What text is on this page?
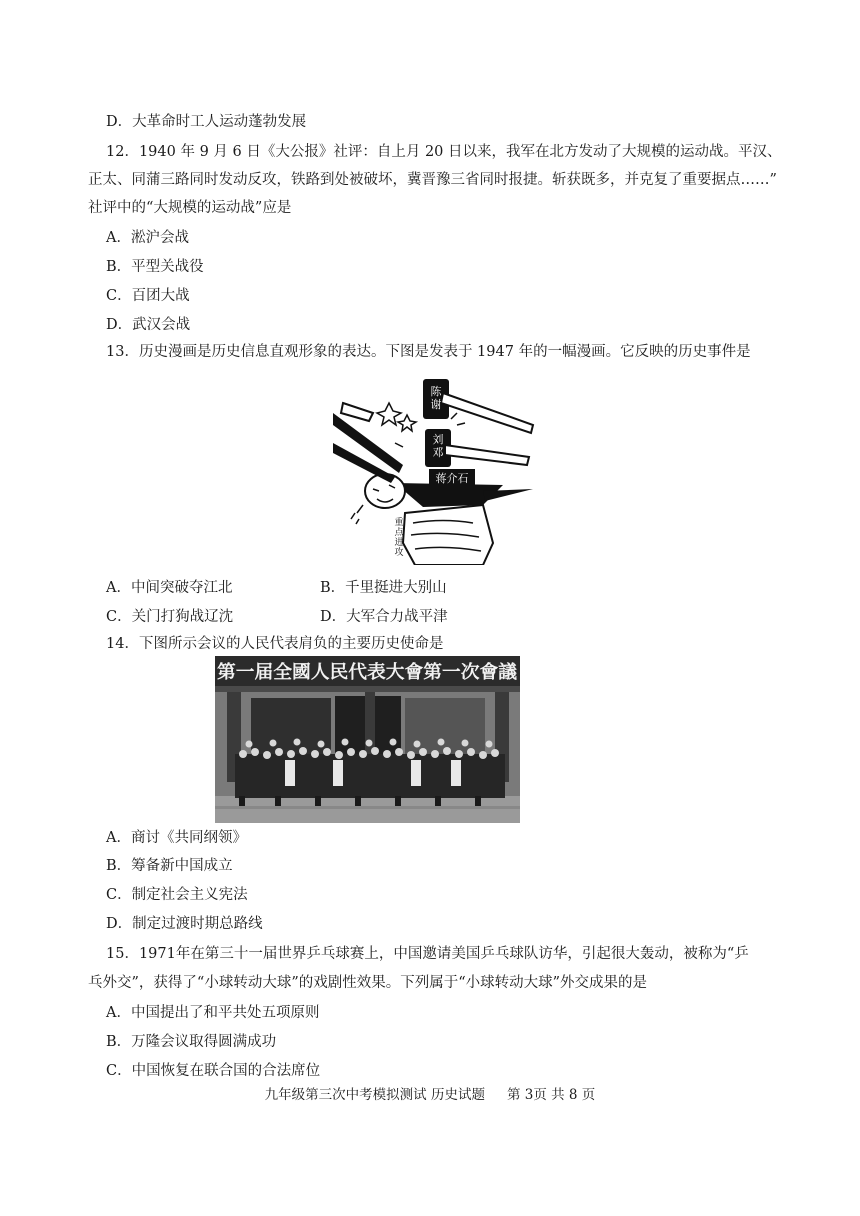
D．大革命时工人运动蓬勃发展
12．1940 年 9 月 6 日《大公报》社评：自上月 20 日以来，我军在北方发动了大规模的运动战。平汉、
正太、同蒲三路同时发动反攻，铁路到处被破坏，冀晋豫三省同时报捷。斩获既多，并克复了重要据点……”
社评中的“大规模的运动战”应是
A．淞沪会战
B．平型关战役
C．百团大战
D．武汉会战
13．历史漫画是历史信息直观形象的表达。下图是发表于 1947 年的一幅漫画。它反映的历史事件是
陈谢
刘邓
蒋介石
重点进攻
A．中间突破夺江北	B．千里挺进大别山
C．关门打狗战辽沈	D．大军合力战平津
14．下图所示会议的人民代表肩负的主要历史使命是
第一届全國人民代表大會第一次會議
A．商讨《共同纲领》
B．筹备新中国成立
C．制定社会主义宪法
D．制定过渡时期总路线
15．1971年在第三十一届世界乒乓球赛上，中国邀请美国乒乓球队访华，引起很大轰动，被称为“乒
乓外交”，获得了“小球转动大球”的戏剧性效果。下列属于“小球转动大球”外交成果的是
A．中国提出了和平共处五项原则
B．万隆会议取得圆满成功
C．中国恢复在联合国的合法席位
九年级第三次中考模拟测试 历史试题 第 3页 共 8 页
